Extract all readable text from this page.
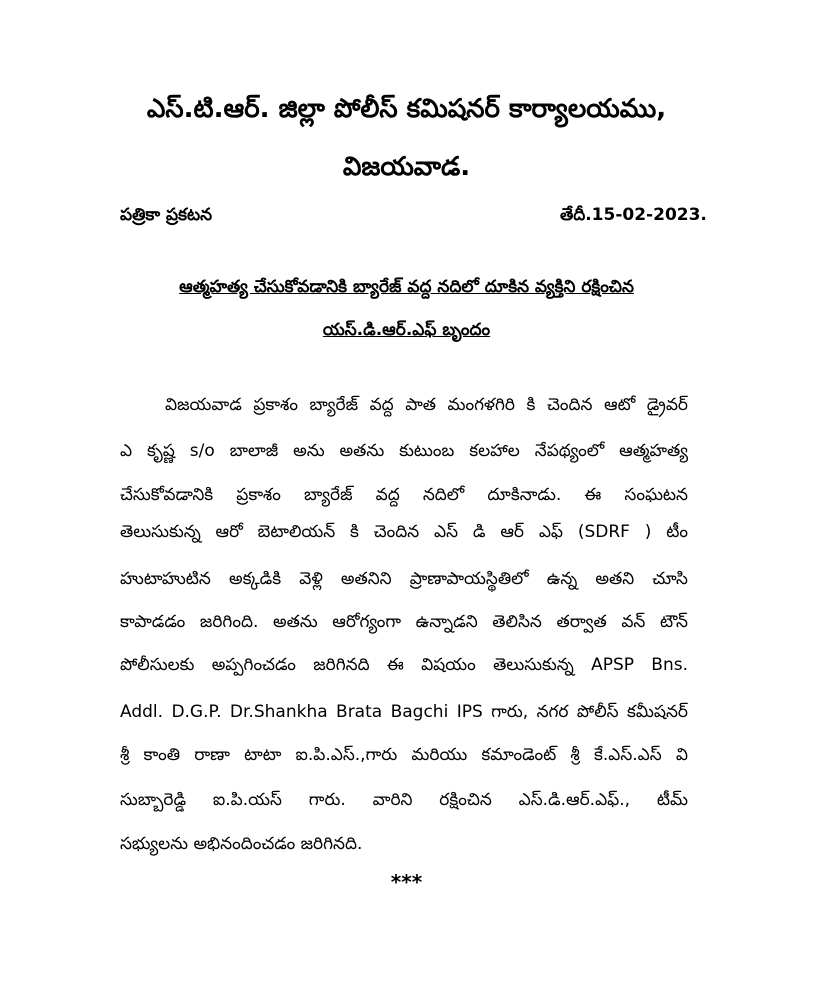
ఎస్.టి.ఆర్. జిల్లా పోలీస్ కమిషనర్ కార్యాలయము,
విజయవాడ.
పత్రికా ప్రకటన	తేదీ.15-02-2023.
ఆత్మహత్య చేసుకోవడానికి బ్యారేజ్ వద్ద నదిలో దూకిన వ్యక్తిని రక్షించిన
యస్.డి.ఆర్.ఎఫ్ బృందం
విజయవాడ ప్రకాశం బ్యారేజ్ వద్ద పాత మంగళగిరి కి చెందిన ఆటో డ్రైవర్
ఎ కృష్ణ s/o బాలాజీ అను అతను కుటుంబ కలహాల నేపథ్యంలో ఆత్మహత్య
చేసుకోవడానికి ప్రకాశం బ్యారేజ్ వద్ద నదిలో దూకినాడు. ఈ సంఘటన
తెలుసుకున్న ఆరో బెటాలియన్ కి చెందిన ఎస్ డి ఆర్ ఎఫ్ (SDRF ) టీం
హుటాహుటిన అక్కడికి వెళ్లి అతనిని ప్రాణాపాయస్థితిలో ఉన్న అతని చూసి
కాపాడడం జరిగింది. అతను ఆరోగ్యంగా ఉన్నాడని తెలిసిన తర్వాత వన్ టౌన్
పోలీసులకు అప్పగించడం జరిగినది ఈ విషయం తెలుసుకున్న APSP Bns.
Addl. D.G.P. Dr.Shankha Brata Bagchi IPS గారు, నగర పోలీస్ కమీషనర్
శ్రీ కాంతి రాణా టాటా ఐ.పి.ఎస్.,గారు మరియు కమాండెంట్ శ్రీ కే.ఎస్.ఎస్ వి
సుబ్బారెడ్డి ఐ.పి.యస్ గారు. వారిని రక్షించిన ఎస్.డి.ఆర్.ఎఫ్., టీమ్
సభ్యులను అభినందించడం జరిగినది.
***
